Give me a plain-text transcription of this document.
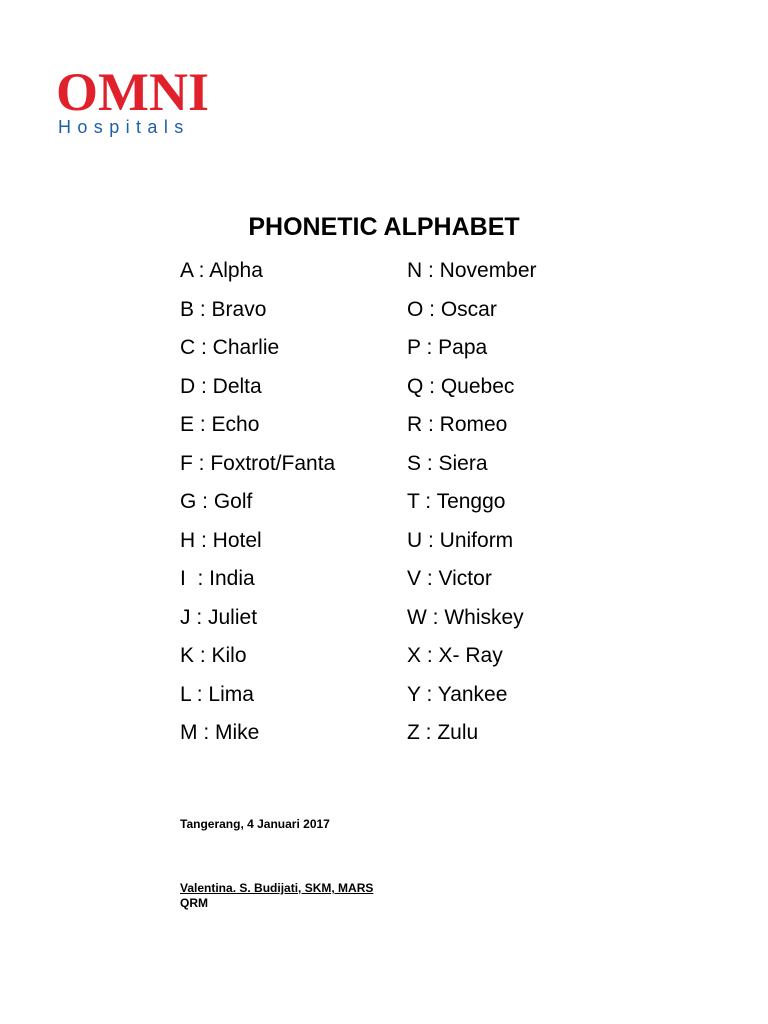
OMNI
Hospitals
PHONETIC ALPHABET
A : Alpha
B : Bravo
C : Charlie
D : Delta
E : Echo
F : Foxtrot/Fanta
G : Golf
H : Hotel
I  : India
J : Juliet
K : Kilo
L : Lima
M : Mike
N : November
O : Oscar
P : Papa
Q : Quebec
R : Romeo
S : Siera
T : Tenggo
U : Uniform
V : Victor
W : Whiskey
X : X- Ray
Y : Yankee
Z : Zulu
Tangerang, 4 Januari 2017
Valentina. S. Budijati, SKM, MARS
QRM
